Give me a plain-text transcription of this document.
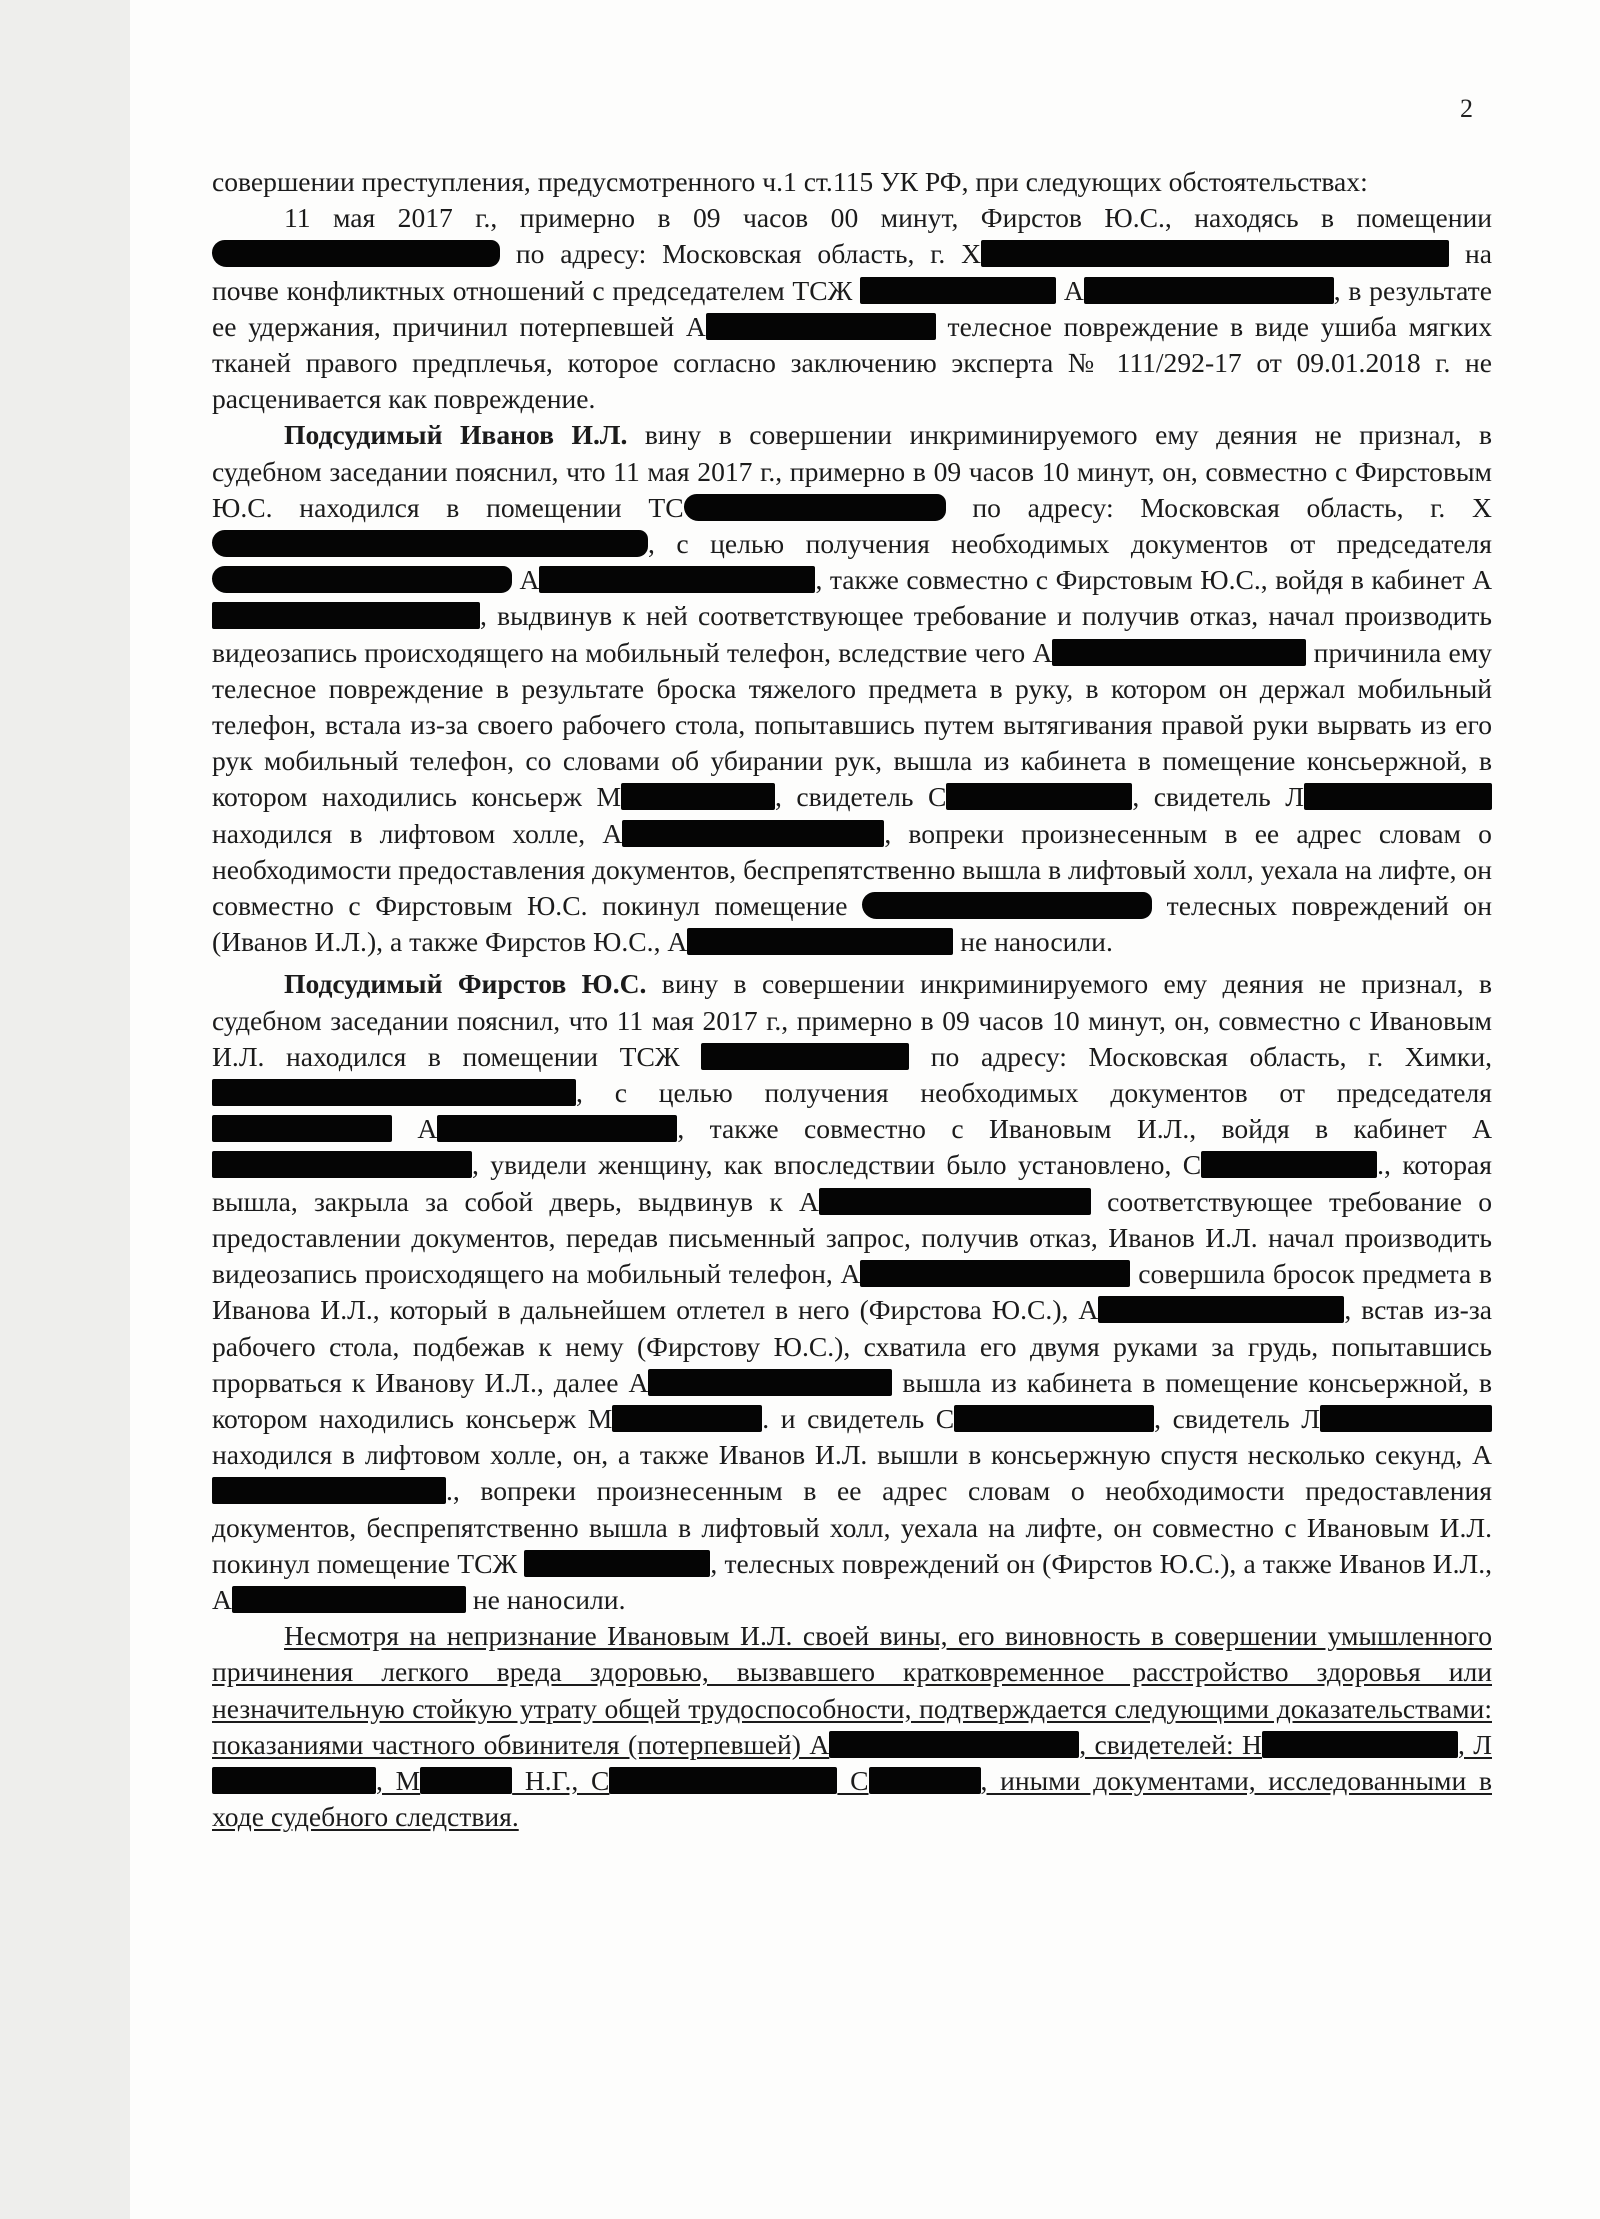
2

совершении преступления, предусмотренного ч.1 ст.115 УК РФ, при следующих обстоятельствах:

11 мая 2017 г., примерно в 09 часов 00 минут, Фирстов Ю.С., находясь в помещении  по адресу: Московская область, г. Х	на почве конфликтных отношений с председателем ТСЖ	А	, в результате ее удержания, причинил потерпевшей А	телесное повреждение в виде ушиба мягких тканей правого предплечья, которое согласно заключению эксперта № 111/292-17 от 09.01.2018 г. не расценивается как повреждение.

Подсудимый Иванов И.Л. вину в совершении инкриминируемого ему деяния не признал, в судебном заседании пояснил, что 11 мая 2017 г., примерно в 09 часов 10 минут, он, совместно с Фирстовым Ю.С. находился в помещении ТС	по адресу: Московская область, г. Х, с целью получения необходимых документов от председателя  А	, также совместно с Фирстовым Ю.С., войдя в кабинет А, выдвинув к ней соответствующее требование и получив отказ, начал производить видеозапись происходящего на мобильный телефон, вследствие чего А	причинила ему телесное повреждение в результате броска тяжелого предмета в руку, в котором он держал мобильный телефон, встала из-за своего рабочего стола, попытавшись путем вытягивания правой руки вырвать из его рук мобильный телефон, со словами об убирании рук, вышла из кабинета в помещение консьержной, в котором находились консьерж М	, свидетель С	, свидетель Л находился в лифтовом холле, А	, вопреки произнесенным в ее адрес словам о необходимости предоставления документов, беспрепятственно вышла в лифтовый холл, уехала на лифте, он совместно с Фирстовым Ю.С. покинул помещение	телесных повреждений он (Иванов И.Л.), а также Фирстов Ю.С., А	не наносили.

Подсудимый Фирстов Ю.С. вину в совершении инкриминируемого ему деяния не признал, в судебном заседании пояснил, что 11 мая 2017 г., примерно в 09 часов 10 минут, он, совместно с Ивановым И.Л. находился в помещении ТСЖ	по адресу: Московская область, г. Химки, , с целью получения необходимых документов от председателя  А	, также совместно с Ивановым И.Л., войдя в кабинет А, увидели женщину, как впоследствии было установлено, С	., которая вышла, закрыла за собой дверь, выдвинув к А	соответствующее требование о предоставлении документов, передав письменный запрос, получив отказ, Иванов И.Л. начал производить видеозапись происходящего на мобильный телефон, А	совершила бросок предмета в Иванова И.Л., который в дальнейшем отлетел в него (Фирстова Ю.С.), А	, встав из-за рабочего стола, подбежав к нему (Фирстову Ю.С.), схватила его двумя руками за грудь, попытавшись прорваться к Иванову И.Л., далее А	вышла из кабинета в помещение консьержной, в котором находились консьерж М	. и свидетель С	, свидетель Л находился в лифтовом холле, он, а также Иванов И.Л. вышли в консьержную спустя несколько секунд, А., вопреки произнесенным в ее адрес словам о необходимости предоставления документов, беспрепятственно вышла в лифтовый холл, уехала на лифте, он совместно с Ивановым И.Л. покинул помещение ТСЖ	, телесных повреждений он (Фирстов Ю.С.), а также Иванов И.Л., А	не наносили.

Несмотря на непризнание Ивановым И.Л. своей вины, его виновность в совершении умышленного причинения легкого вреда здоровью, вызвавшего кратковременное расстройство здоровья или незначительную стойкую утрату общей трудоспособности, подтверждается следующими доказательствами: показаниями частного обвинителя (потерпевшей) А	, свидетелей: Н	, Л, М	Н.Г., С	С	, иными документами, исследованными в ходе судебного следствия.
